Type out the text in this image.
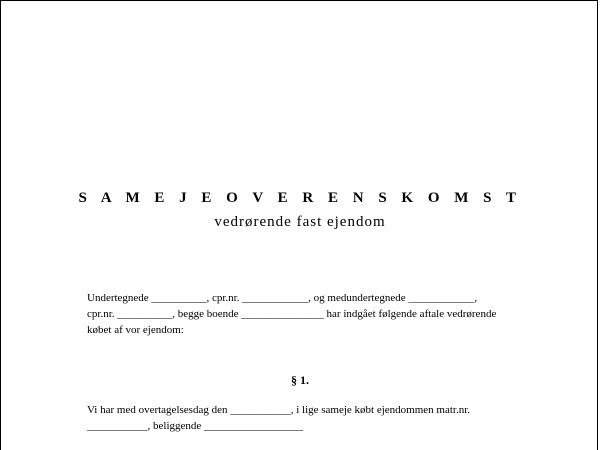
S A M E J E O V E R E N S K O M S T
vedrørende fast ejendom
Undertegnede __________, cpr.nr. ____________, og medundertegnede ____________,
cpr.nr. __________, begge boende _______________ har indgået følgende aftale vedrørende
købet af vor ejendom:
§ 1.
Vi har med overtagelsesdag den ___________, i lige sameje købt ejendommen matr.nr.
___________, beliggende __________________
